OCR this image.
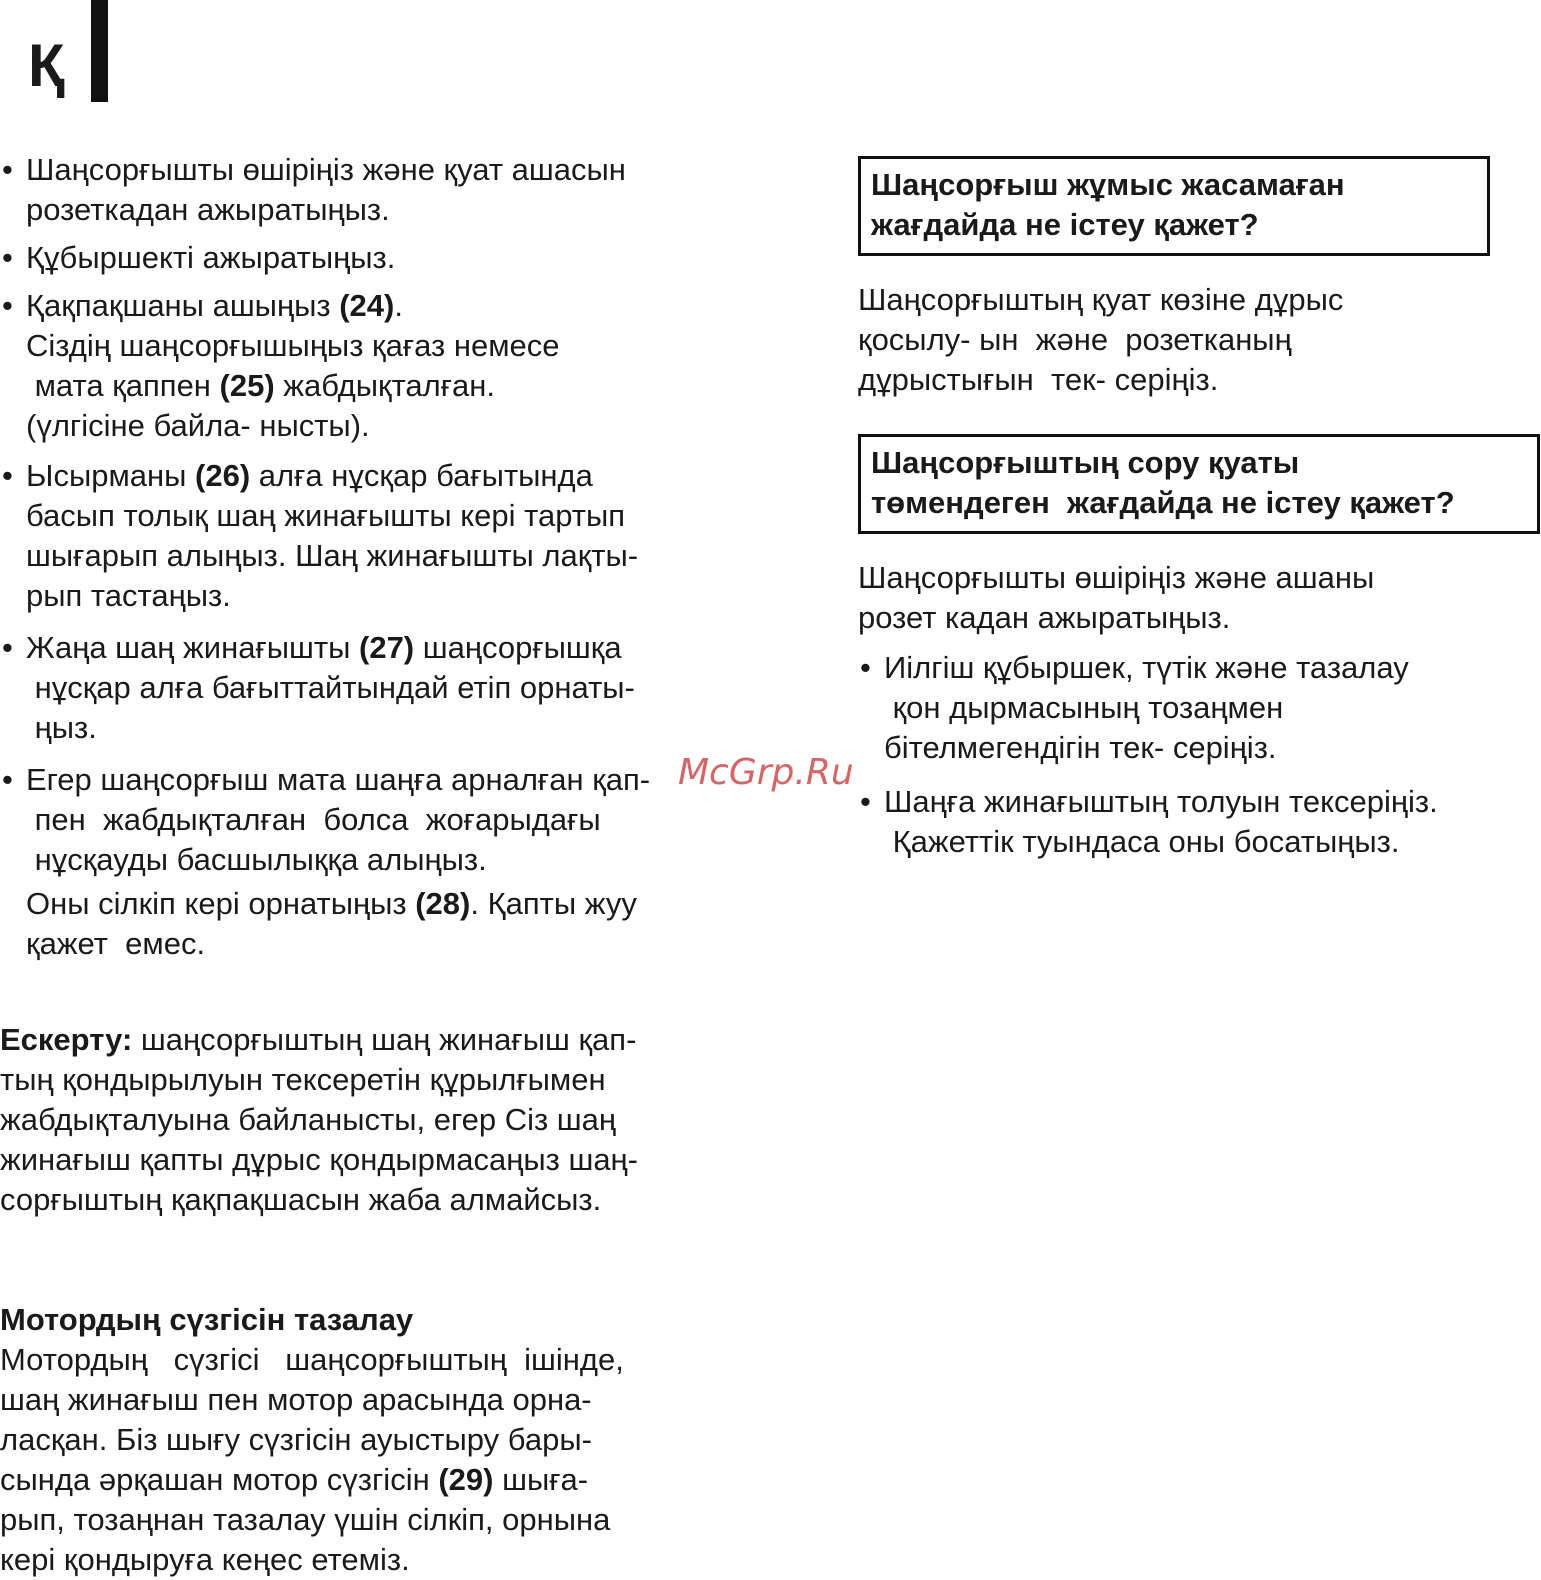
Қ
• Шаңсорғышты өшіріңіз және қуат ашасын
розеткадан ажыратыңыз.
• Құбыршекті ажыратыңыз.
• Қақпақшаны ашыңыз (24).
Сіздің шаңсорғышыңыз қағаз немесе
мата қаппен (25) жабдықталған.
(үлгісіне байла- нысты).
• Ысырманы (26) алға нұсқар бағытында
басып толық шаң жинағышты кері тартып
шығарып алыңыз. Шаң жинағышты лақты-
рып тастаңыз.
• Жаңа шаң жинағышты (27) шаңсорғышқа
нұсқар алға бағыттайтындай етіп орнаты-
ңыз.
• Егер шаңсорғыш мата шаңға арналған қап-
пен  жабдықталған  болса  жоғарыдағы
нұсқауды басшылыққа алыңыз.
Оны сілкіп кері орнатыңыз (28). Қапты жуу
қажет  емес.
Ескерту: шаңсорғыштың шаң жинағыш қап-
тың қондырылуын тексеретін құрылғымен
жабдықталуына байланысты, егер Сіз шаң
жинағыш қапты дұрыс қондырмасаңыз шаң-
сорғыштың қақпақшасын жаба алмайсыз.
Мотордың сүзгісін тазалау
Мотордың   сүзгісі   шаңсорғыштың  ішінде,
шаң жинағыш пен мотор арасында орна-
ласқан. Біз шығу сүзгісін ауыстыру бары-
сында әрқашан мотор сүзгісін (29) шыға-
рып, тозаңнан тазалау үшін сілкіп, орнына
кері қондыруға кеңес етеміз.
Шаңсорғыш жұмыс жасамаған
жағдайда не істеу қажет?
Шаңсорғыштың қуат көзіне дұрыс
қосылу- ын  және  розетканың
дұрыстығын  тек- серіңіз.
Шаңсорғыштың сору қуаты
төмендеген  жағдайда не істеу қажет?
Шаңсорғышты өшіріңіз және ашаны
розет кадан ажыратыңыз.
• Иілгіш құбыршек, түтік және тазалау
қон дырмасының тозаңмен
бітелмегендігін тек- серіңіз.
• Шаңға жинағыштың толуын тексеріңіз.
Қажеттік туындаса оны босатыңыз.
McGrp.Ru
